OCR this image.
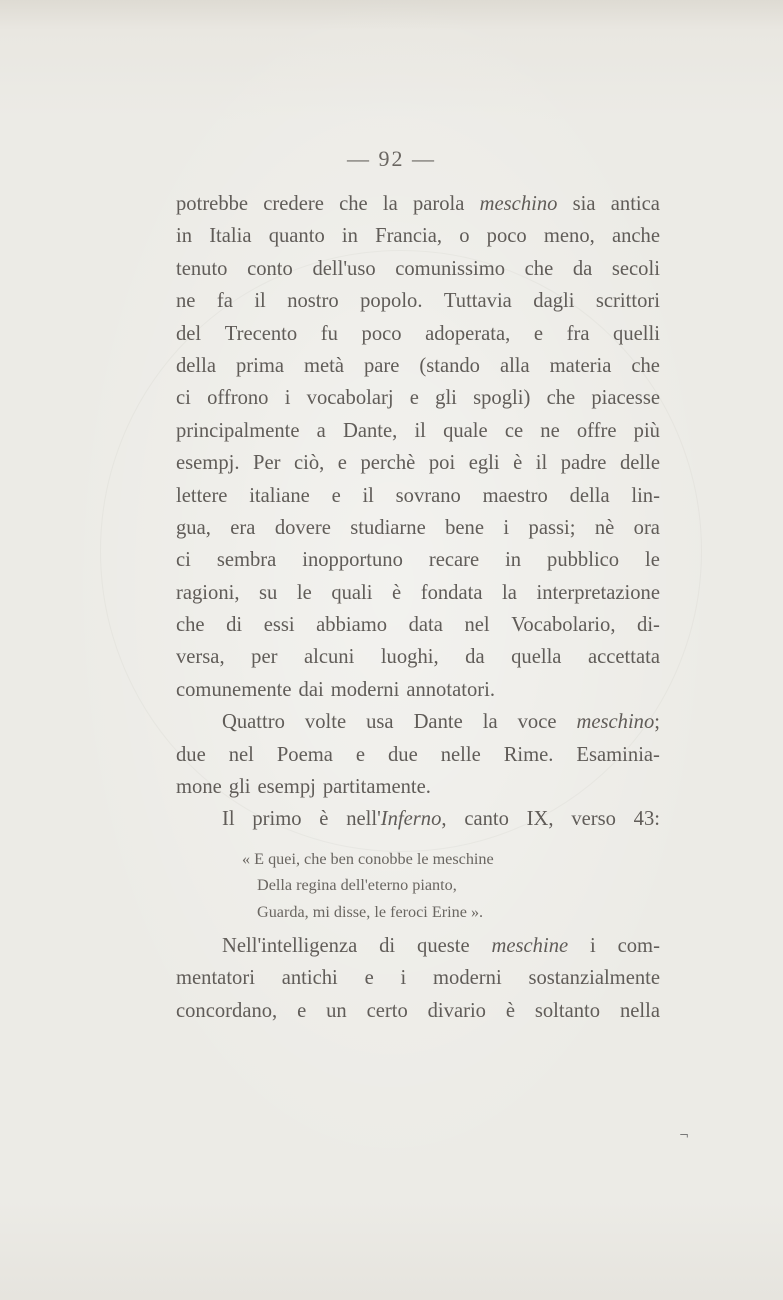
— 92 —
potrebbe credere che la parola meschino sia antica
in Italia quanto in Francia, o poco meno, anche
tenuto conto dell'uso comunissimo che da secoli
ne fa il nostro popolo. Tuttavia dagli scrittori
del Trecento fu poco adoperata, e fra quelli
della prima metà pare (stando alla materia che
ci offrono i vocabolarj e gli spogli) che piacesse
principalmente a Dante, il quale ce ne offre più
esempj. Per ciò, e perchè poi egli è il padre delle
lettere italiane e il sovrano maestro della lin-
gua, era dovere studiarne bene i passi; nè ora
ci sembra inopportuno recare in pubblico le
ragioni, su le quali è fondata la interpretazione
che di essi abbiamo data nel Vocabolario, di-
versa, per alcuni luoghi, da quella accettata
comunemente dai moderni annotatori.
Quattro volte usa Dante la voce meschino;
due nel Poema e due nelle Rime. Esaminia-
mone gli esempj partitamente.
Il primo è nell'Inferno, canto IX, verso 43:
« E quei, che ben conobbe le meschine
Della regina dell'eterno pianto,
Guarda, mi disse, le feroci Erine ».
Nell'intelligenza di queste meschine i com-
mentatori antichi e i moderni sostanzialmente
concordano, e un certo divario è soltanto nella
¬
